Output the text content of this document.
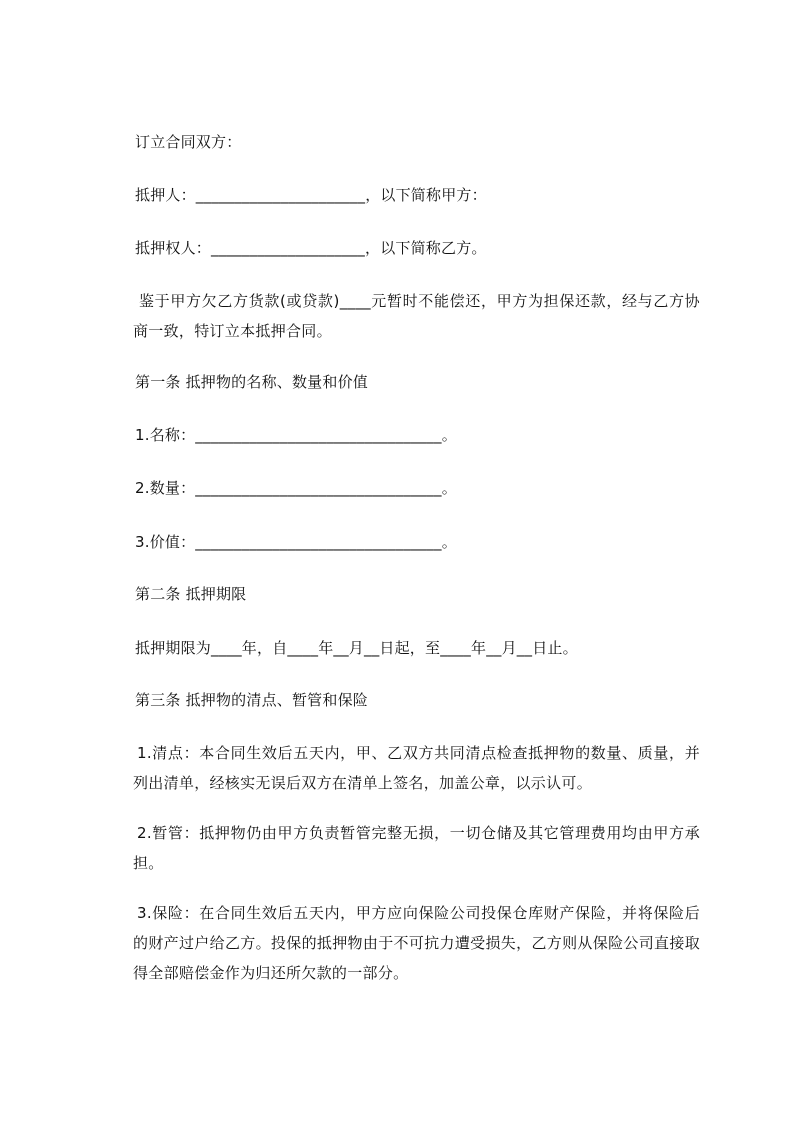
订立合同双方：
抵押人：______________________，以下简称甲方：
抵押权人：____________________，以下简称乙方。
鉴于甲方欠乙方货款(或贷款)____元暂时不能偿还，甲方为担保还款，经与乙方协商一致，特订立本抵押合同。
第一条 抵押物的名称、数量和价值
1.名称：________________________________。
2.数量：________________________________。
3.价值：________________________________。
第二条 抵押期限
抵押期限为____年，自____年__月__日起，至____年__月__日止。
第三条 抵押物的清点、暂管和保险
1.清点：本合同生效后五天内，甲、乙双方共同清点检查抵押物的数量、质量，并列出清单，经核实无误后双方在清单上签名，加盖公章，以示认可。
2.暂管：抵押物仍由甲方负责暂管完整无损，一切仓储及其它管理费用均由甲方承担。
3.保险：在合同生效后五天内，甲方应向保险公司投保仓库财产保险，并将保险后的财产过户给乙方。投保的抵押物由于不可抗力遭受损失，乙方则从保险公司直接取得全部赔偿金作为归还所欠款的一部分。
